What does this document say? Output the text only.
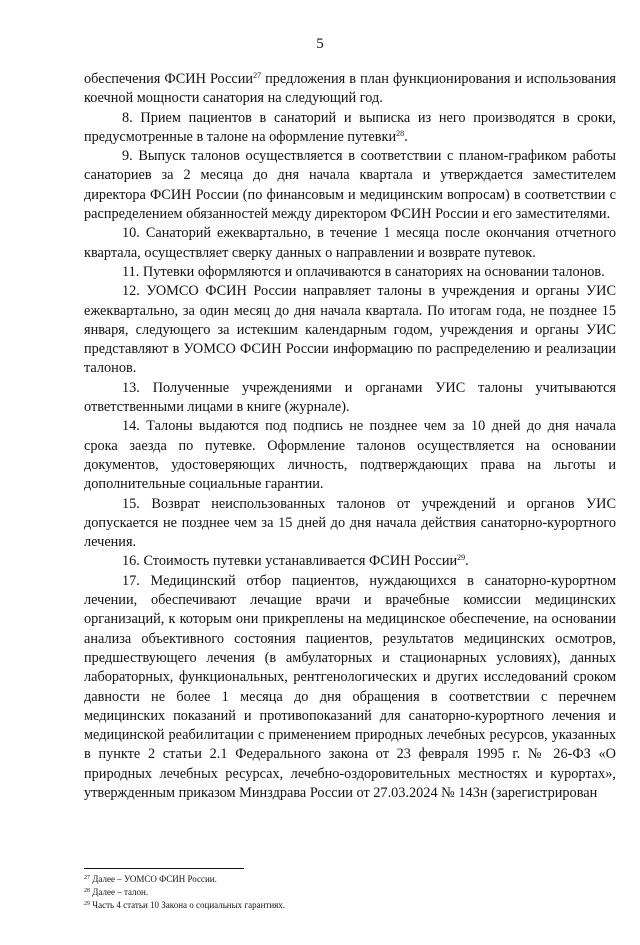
5

обеспечения ФСИН России$^{27}$ предложения в план функционирования и использования коечной мощности санатория на следующий год.

8. Прием пациентов в санаторий и выписка из него производятся в сроки, предусмотренные в талоне на оформление путевки$^{28}$.

9. Выпуск талонов осуществляется в соответствии с планом-графиком работы санаториев за 2 месяца до дня начала квартала и утверждается заместителем директора ФСИН России (по финансовым и медицинским вопросам) в соответствии с распределением обязанностей между директором ФСИН России и его заместителями.

10. Санаторий ежеквартально, в течение 1 месяца после окончания отчетного квартала, осуществляет сверку данных о направлении и возврате путевок.

11. Путевки оформляются и оплачиваются в санаториях на основании талонов.

12. УОМСО ФСИН России направляет талоны в учреждения и органы УИС ежеквартально, за один месяц до дня начала квартала. По итогам года, не позднее 15 января, следующего за истекшим календарным годом, учреждения и органы УИС представляют в УОМСО ФСИН России информацию по распределению и реализации талонов.

13. Полученные учреждениями и органами УИС талоны учитываются ответственными лицами в книге (журнале).

14. Талоны выдаются под подпись не позднее чем за 10 дней до дня начала срока заезда по путевке. Оформление талонов осуществляется на основании документов, удостоверяющих личность, подтверждающих права на льготы и дополнительные социальные гарантии.

15. Возврат неиспользованных талонов от учреждений и органов УИС допускается не позднее чем за 15 дней до дня начала действия санаторно-курортного лечения.

16. Стоимость путевки устанавливается ФСИН России$^{29}$.

17. Медицинский отбор пациентов, нуждающихся в санаторно-курортном лечении, обеспечивают лечащие врачи и врачебные комиссии медицинских организаций, к которым они прикреплены на медицинское обеспечение, на основании анализа объективного состояния пациентов, результатов медицинских осмотров, предшествующего лечения (в амбулаторных и стационарных условиях), данных лабораторных, функциональных, рентгенологических и других исследований сроком давности не более 1 месяца до дня обращения в соответствии с перечнем медицинских показаний и противопоказаний для санаторно-курортного лечения и медицинской реабилитации с применением природных лечебных ресурсов, указанных в пункте 2 статьи 2.1 Федерального закона от 23 февраля 1995 г. № 26-ФЗ «О природных лечебных ресурсах, лечебно-оздоровительных местностях и курортах», утвержденным приказом Минздрава России от 27.03.2024 № 143н (зарегистрирован

$^{27}$ Далее – УОМСО ФСИН России.

$^{28}$ Далее – талон.

$^{29}$ Часть 4 статьи 10 Закона о социальных гарантиях.
